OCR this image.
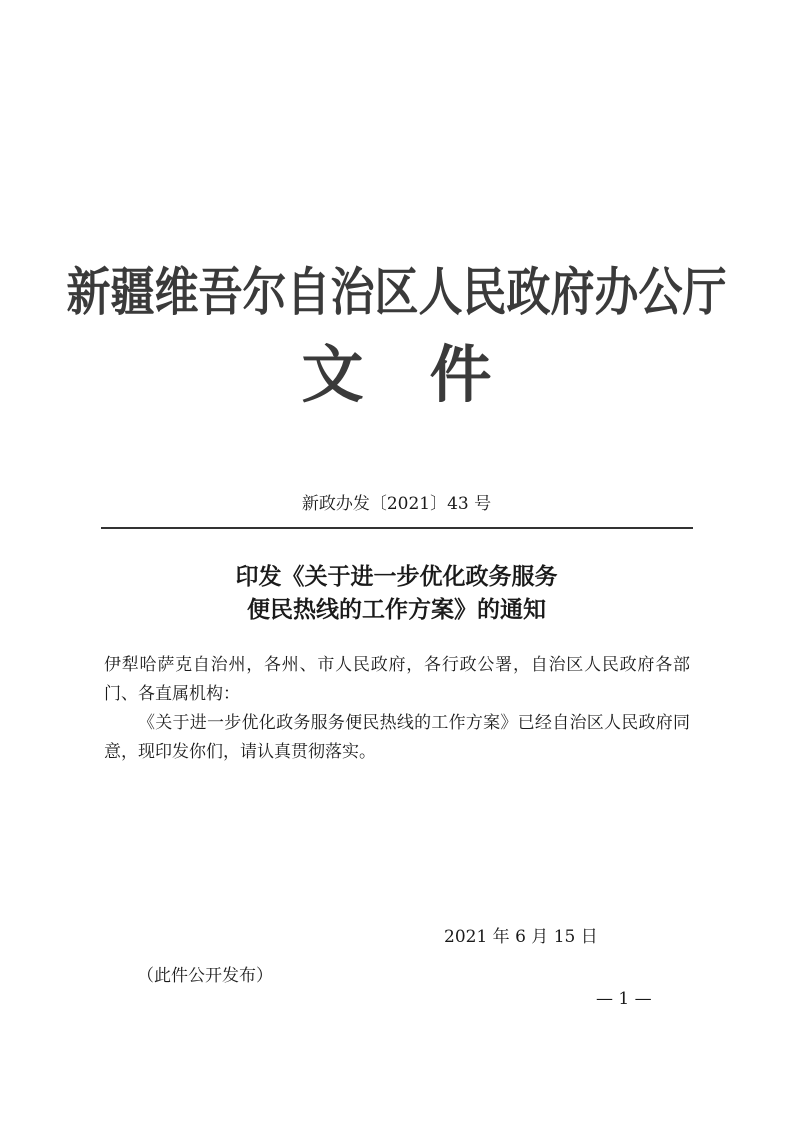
新疆维吾尔自治区人民政府办公厅
文件
新政办发〔2021〕43 号
印发《关于进一步优化政务服务
便民热线的工作方案》的通知

伊犁哈萨克自治州，各州、市人民政府，各行政公署，自治区人民政府各部门、各直属机构：

《关于进一步优化政务服务便民热线的工作方案》已经自治区人民政府同意，现印发你们，请认真贯彻落实。

2021 年 6 月 15 日
（此件公开发布）
— 1 —
